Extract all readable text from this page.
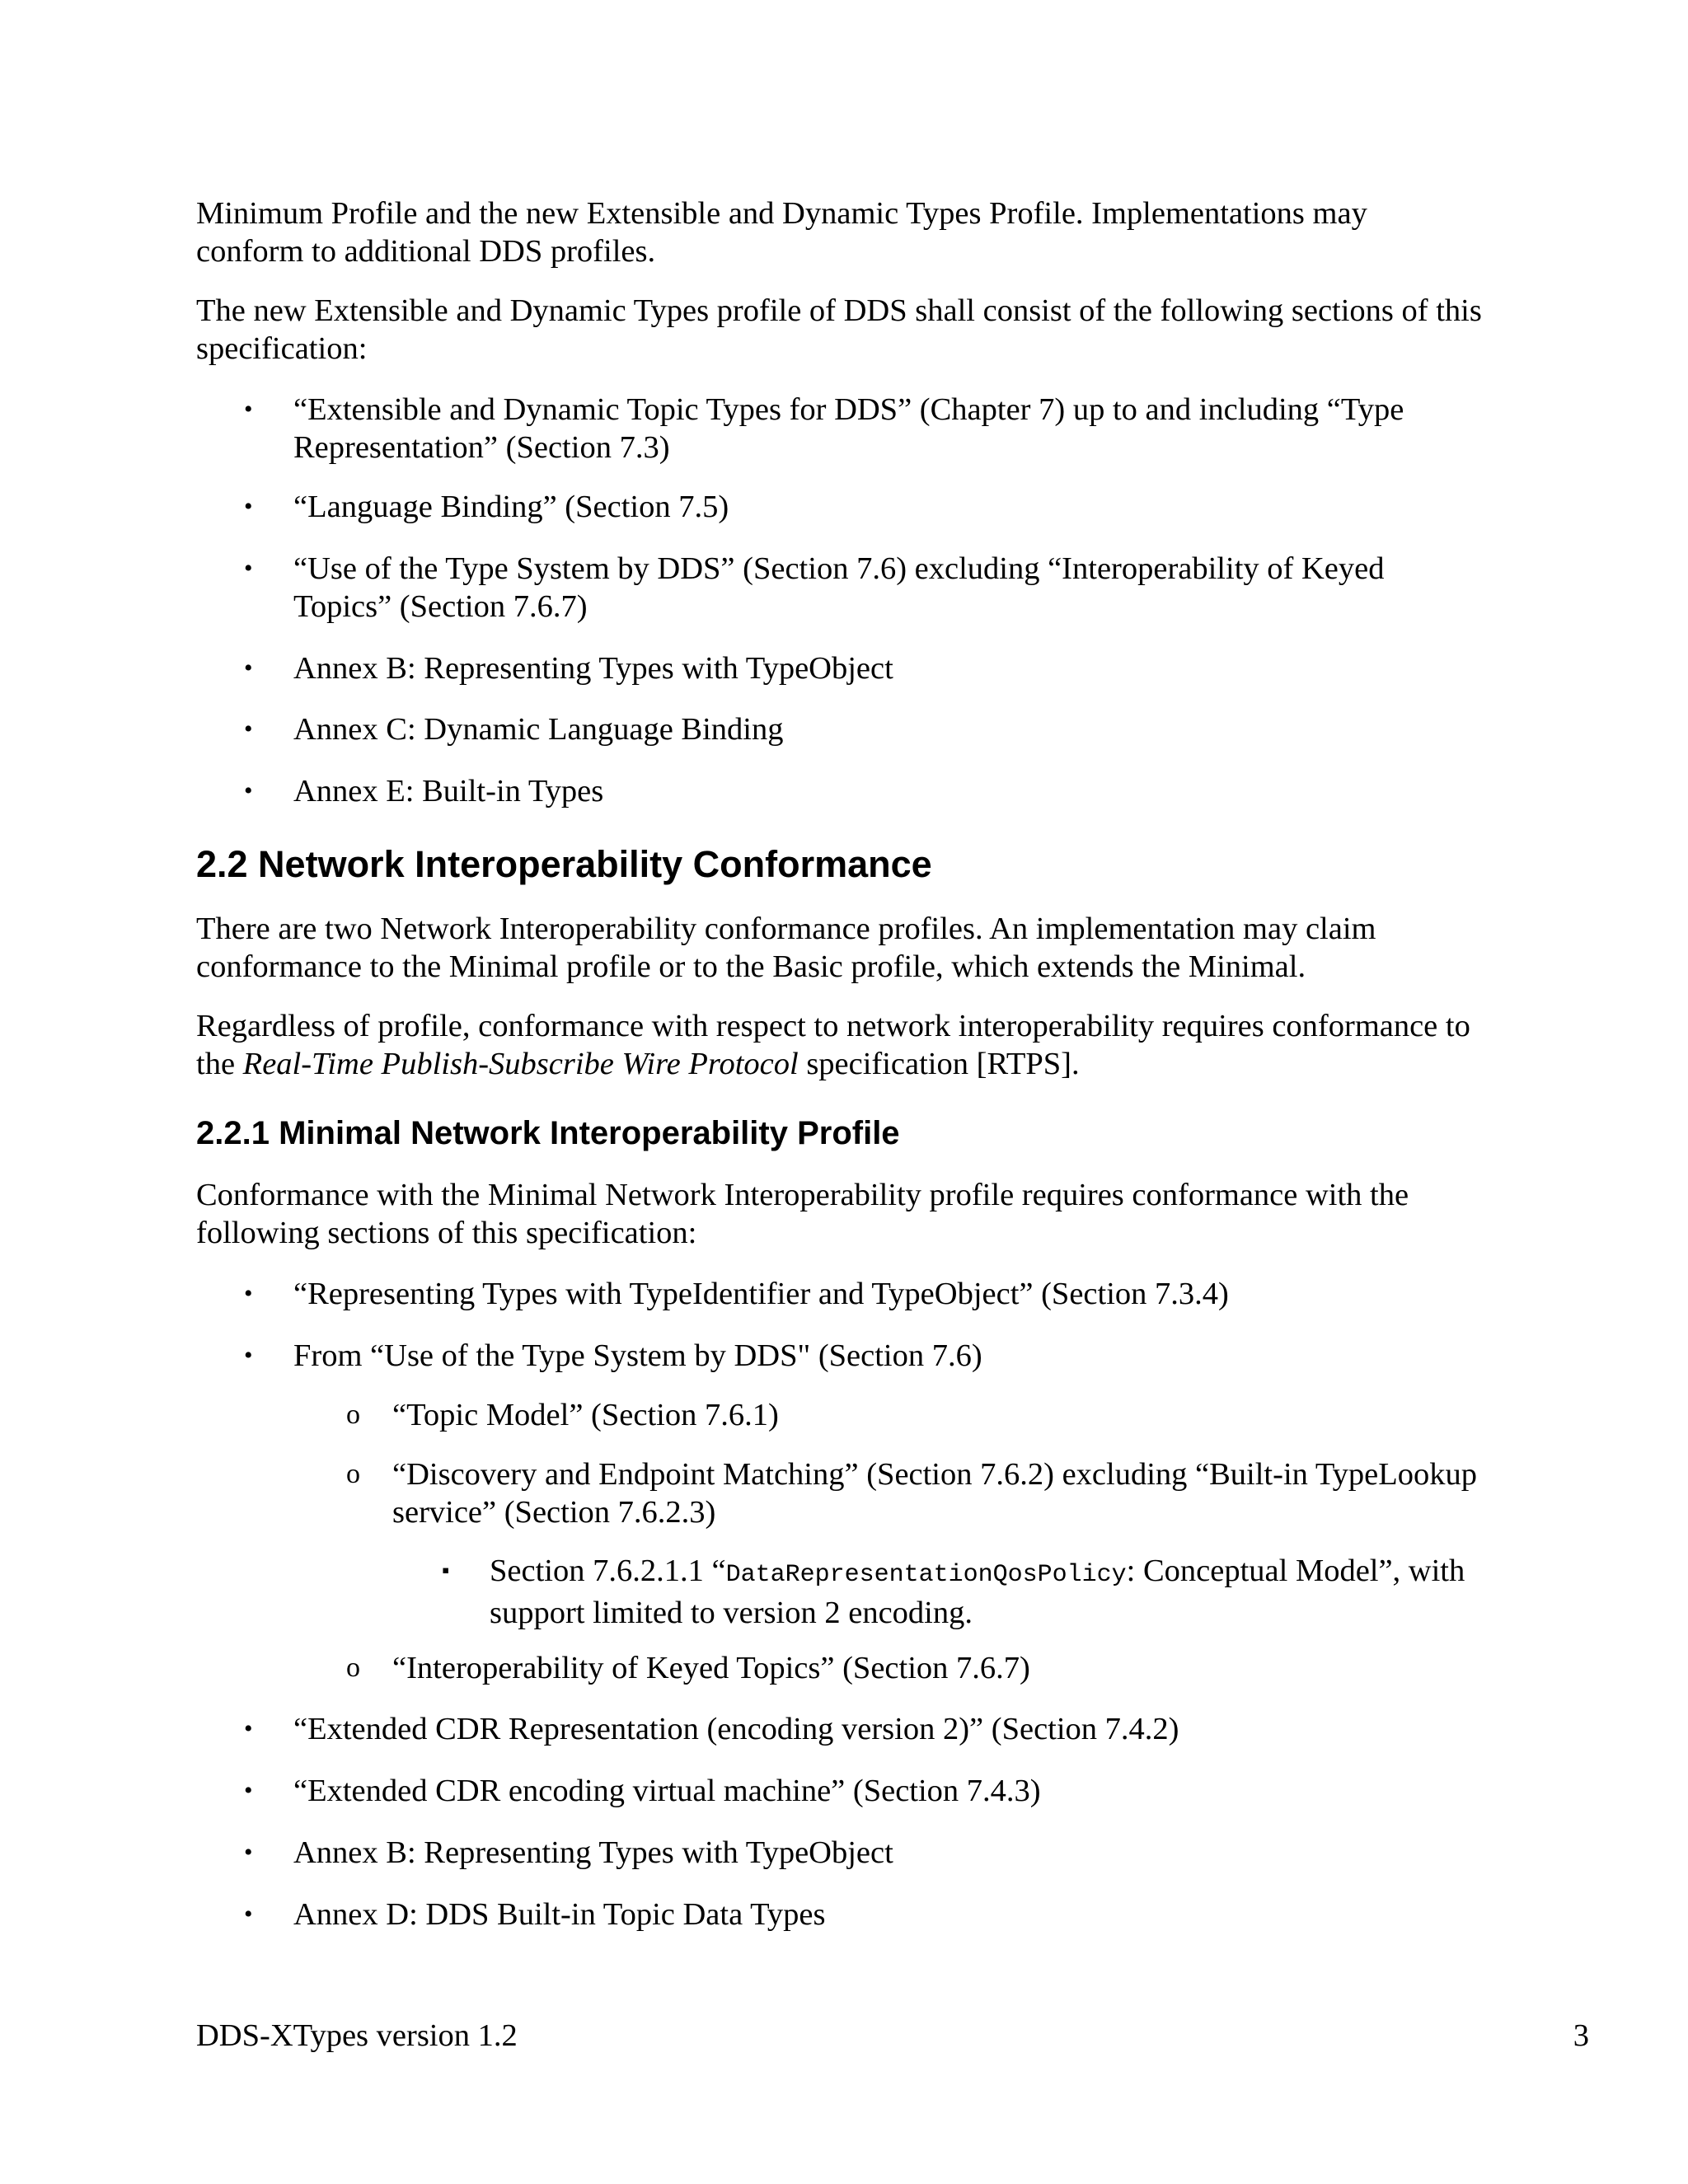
Minimum Profile and the new Extensible and Dynamic Types Profile. Implementations may conform to additional DDS profiles.

The new Extensible and Dynamic Types profile of DDS shall consist of the following sections of this specification:

• “Extensible and Dynamic Topic Types for DDS” (Chapter 7) up to and including “Type Representation” (Section 7.3)
• “Language Binding” (Section 7.5)
• “Use of the Type System by DDS” (Section 7.6) excluding “Interoperability of Keyed Topics” (Section 7.6.7)
• Annex B: Representing Types with TypeObject
• Annex C: Dynamic Language Binding
• Annex E: Built-in Types
2.2 Network Interoperability Conformance

There are two Network Interoperability conformance profiles. An implementation may claim conformance to the Minimal profile or to the Basic profile, which extends the Minimal.

Regardless of profile, conformance with respect to network interoperability requires conformance to the Real-Time Publish-Subscribe Wire Protocol specification [RTPS].

2.2.1 Minimal Network Interoperability Profile

Conformance with the Minimal Network Interoperability profile requires conformance with the following sections of this specification:

• “Representing Types with TypeIdentifier and TypeObject” (Section 7.3.4)
• From “Use of the Type System by DDS" (Section 7.6)
o “Topic Model” (Section 7.6.1)
o “Discovery and Endpoint Matching” (Section 7.6.2) excluding “Built-in TypeLookup service” (Section 7.6.2.3)
▪ Section 7.6.2.1.1 “DataRepresentationQosPolicy: Conceptual Model”, with support limited to version 2 encoding.
o “Interoperability of Keyed Topics” (Section 7.6.7)
• “Extended CDR Representation (encoding version 2)” (Section 7.4.2)
• “Extended CDR encoding virtual machine” (Section 7.4.3)
• Annex B: Representing Types with TypeObject
• Annex D: DDS Built-in Topic Data Types

DDS-XTypes version 1.2	3
